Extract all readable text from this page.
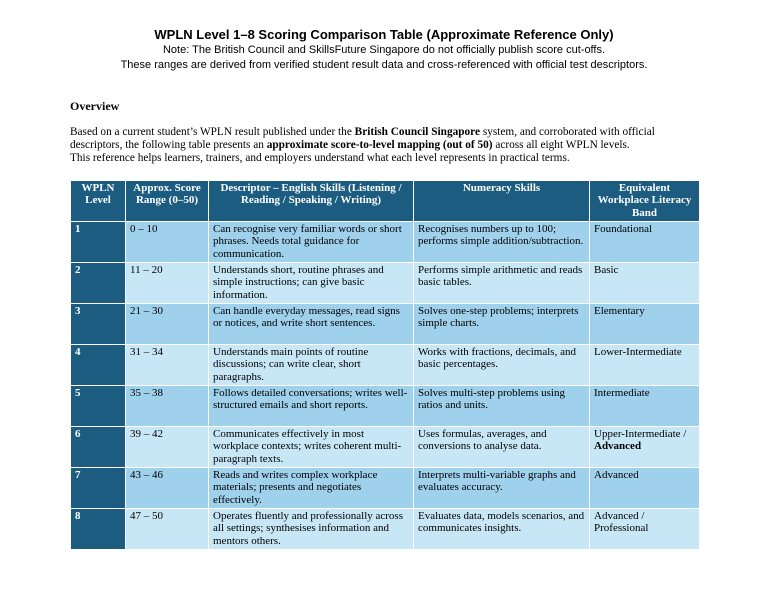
WPLN Level 1–8 Scoring Comparison Table (Approximate Reference Only)
Note: The British Council and SkillsFuture Singapore do not officially publish score cut-offs.
These ranges are derived from verified student result data and cross-referenced with official test descriptors.
Overview

Based on a current student’s WPLN result published under the British Council Singapore system, and corroborated with official descriptors, the following table presents an approximate score-to-level mapping (out of 50) across all eight WPLN levels.

This reference helps learners, trainers, and employers understand what each level represents in practical terms.

WPLN Level	Approx. Score Range (0–50)	Descriptor – English Skills (Listening / Reading / Speaking / Writing)	Numeracy Skills	Equivalent Workplace Literacy Band
1	0 – 10	Can recognise very familiar words or short phrases. Needs total guidance for communication.	Recognises numbers up to 100; performs simple addition/subtraction.	Foundational
2	11 – 20	Understands short, routine phrases and simple instructions; can give basic information.	Performs simple arithmetic and reads basic tables.	Basic
3	21 – 30	Can handle everyday messages, read signs or notices, and write short sentences.	Solves one-step problems; interprets simple charts.	Elementary
4	31 – 34	Understands main points of routine discussions; can write clear, short paragraphs.	Works with fractions, decimals, and basic percentages.	Lower-Intermediate
5	35 – 38	Follows detailed conversations; writes well-structured emails and short reports.	Solves multi-step problems using ratios and units.	Intermediate
6	39 – 42	Communicates effectively in most workplace contexts; writes coherent multi-paragraph texts.	Uses formulas, averages, and conversions to analyse data.	Upper-Intermediate / Advanced
7	43 – 46	Reads and writes complex workplace materials; presents and negotiates effectively.	Interprets multi-variable graphs and evaluates accuracy.	Advanced
8	47 – 50	Operates fluently and professionally across all settings; synthesises information and mentors others.	Evaluates data, models scenarios, and communicates insights.	Advanced / Professional
